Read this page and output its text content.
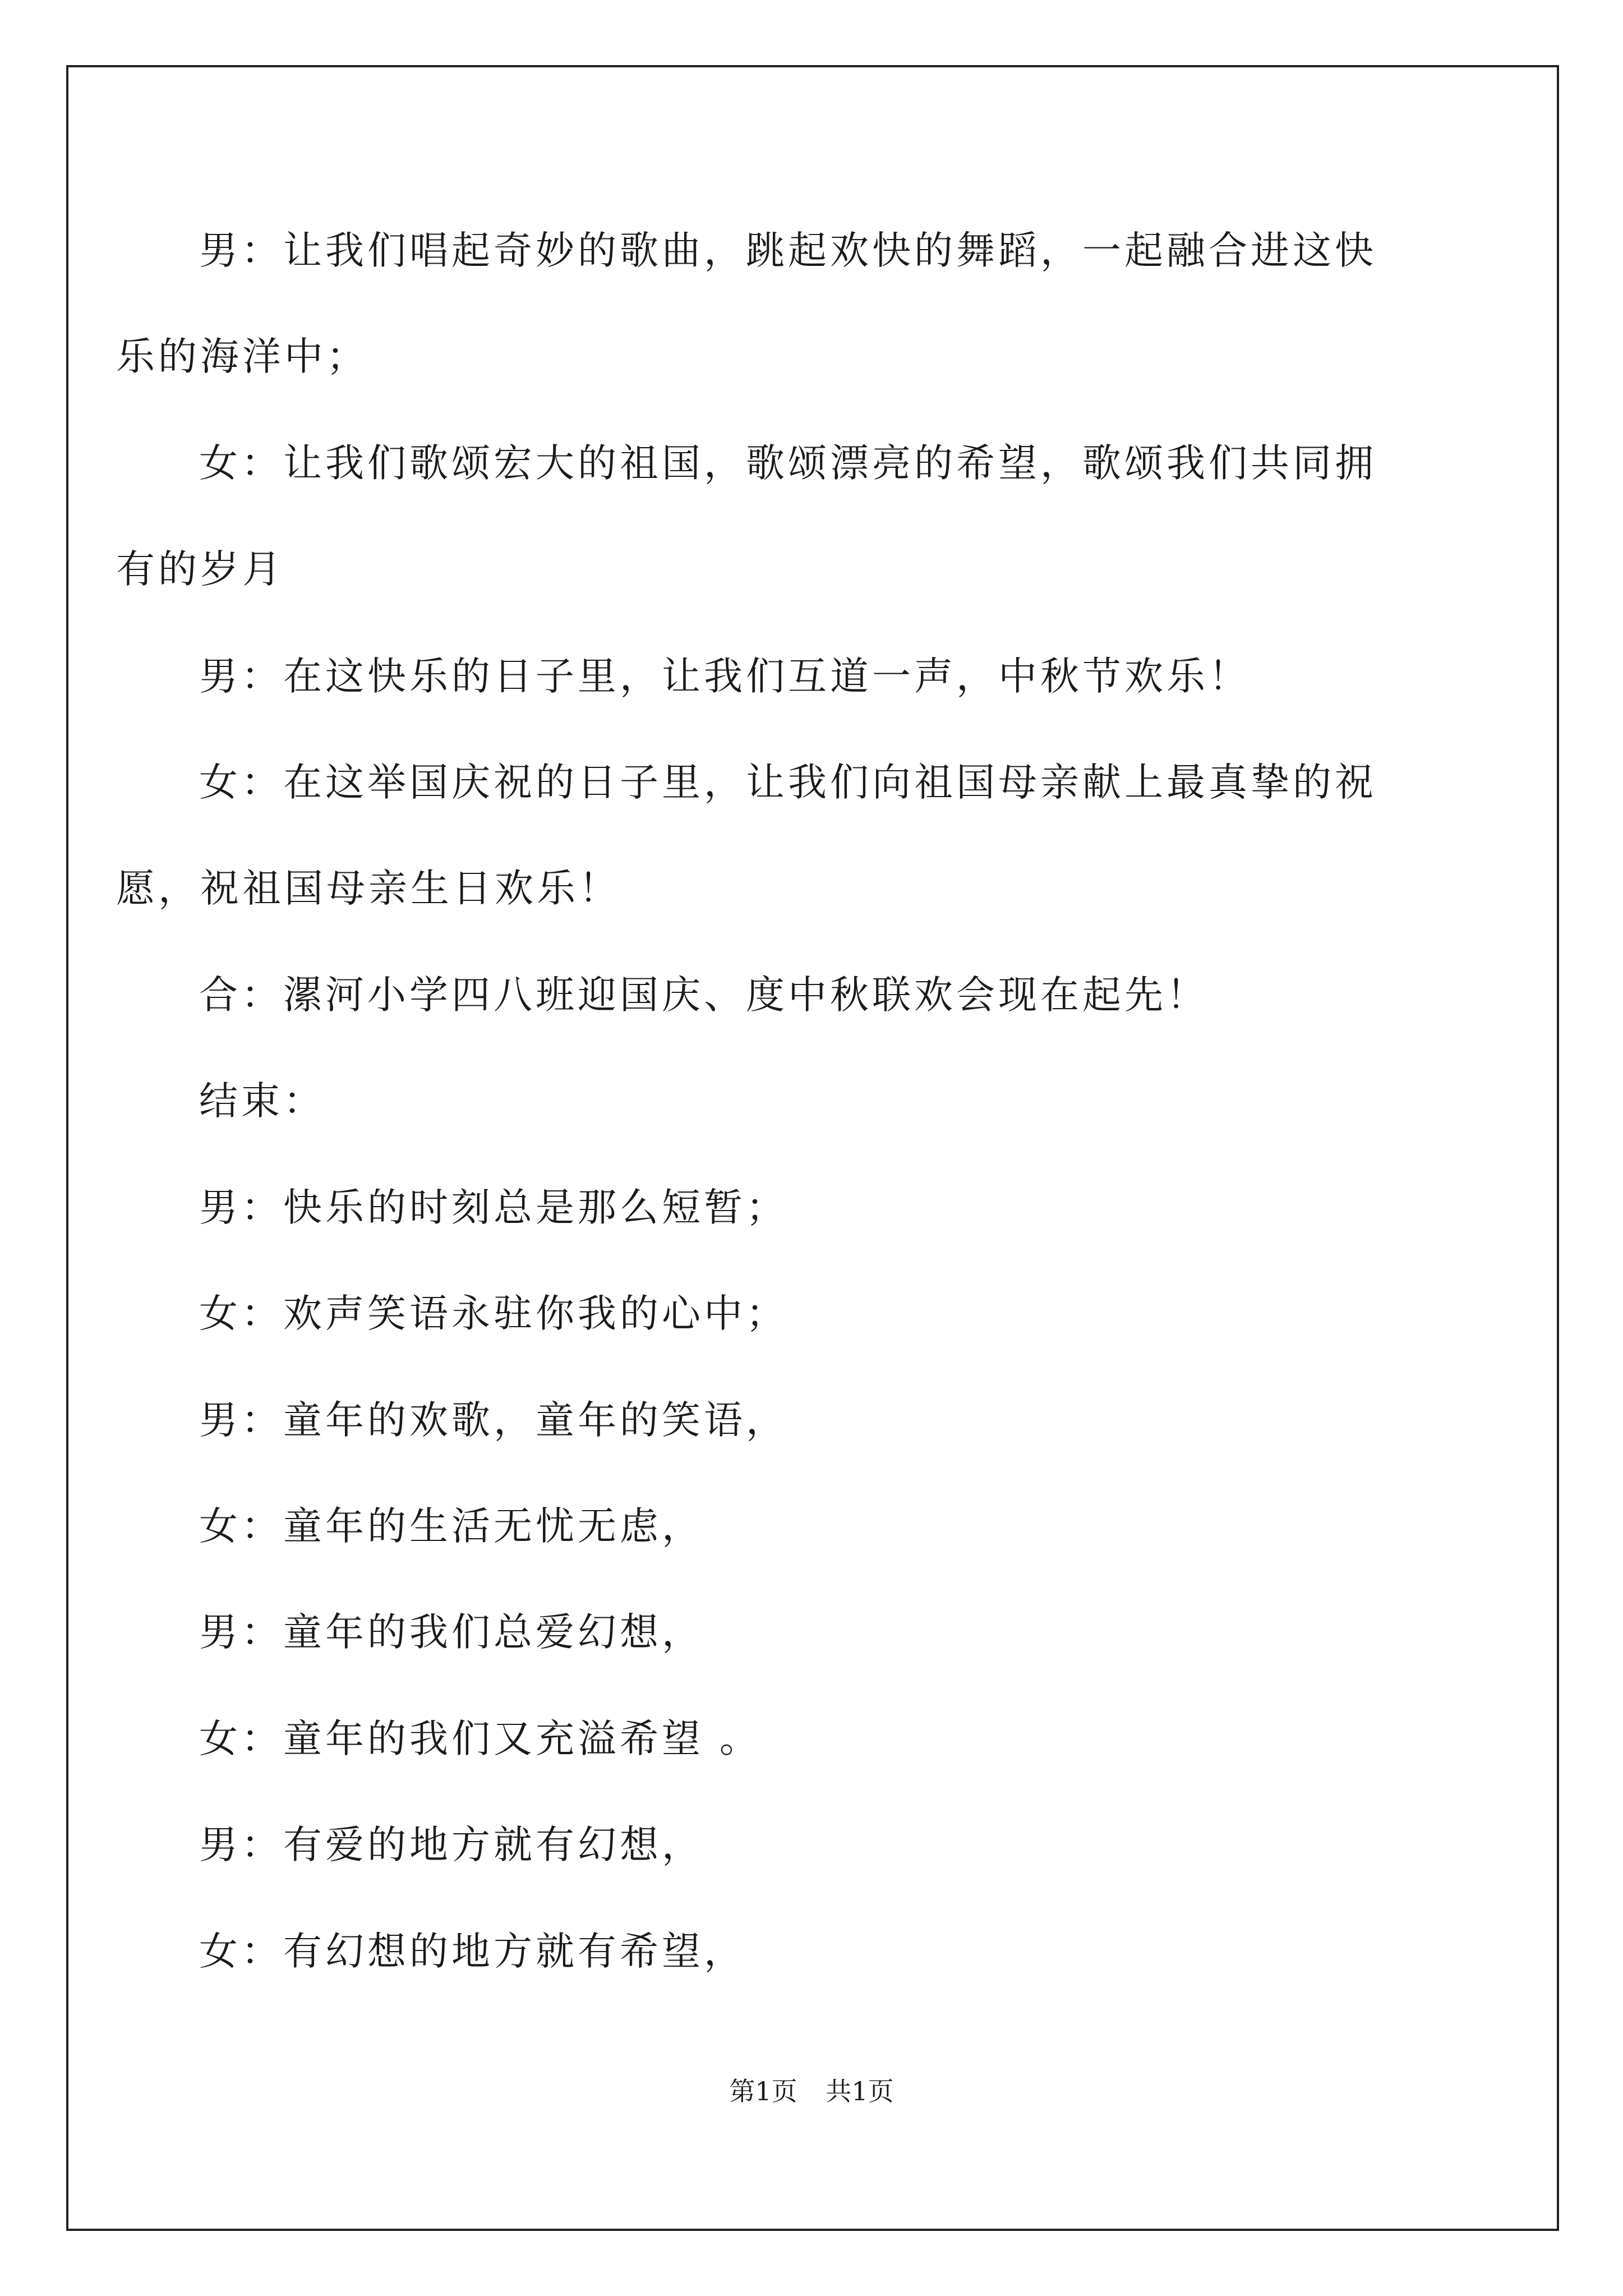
男：让我们唱起奇妙的歌曲，跳起欢快的舞蹈，一起融合进这快
乐的海洋中；
女：让我们歌颂宏大的祖国，歌颂漂亮的希望，歌颂我们共同拥
有的岁月
男：在这快乐的日子里，让我们互道一声，中秋节欢乐！
女：在这举国庆祝的日子里，让我们向祖国母亲献上最真挚的祝
愿，祝祖国母亲生日欢乐！
合：漯河小学四八班迎国庆、度中秋联欢会现在起先！
结束：
男：快乐的时刻总是那么短暂；
女：欢声笑语永驻你我的心中；
男：童年的欢歌，童年的笑语，
女：童年的生活无忧无虑，
男：童年的我们总爱幻想，
女：童年的我们又充溢希望 。
男：有爱的地方就有幻想，
女：有幻想的地方就有希望，
第1页 共1页
